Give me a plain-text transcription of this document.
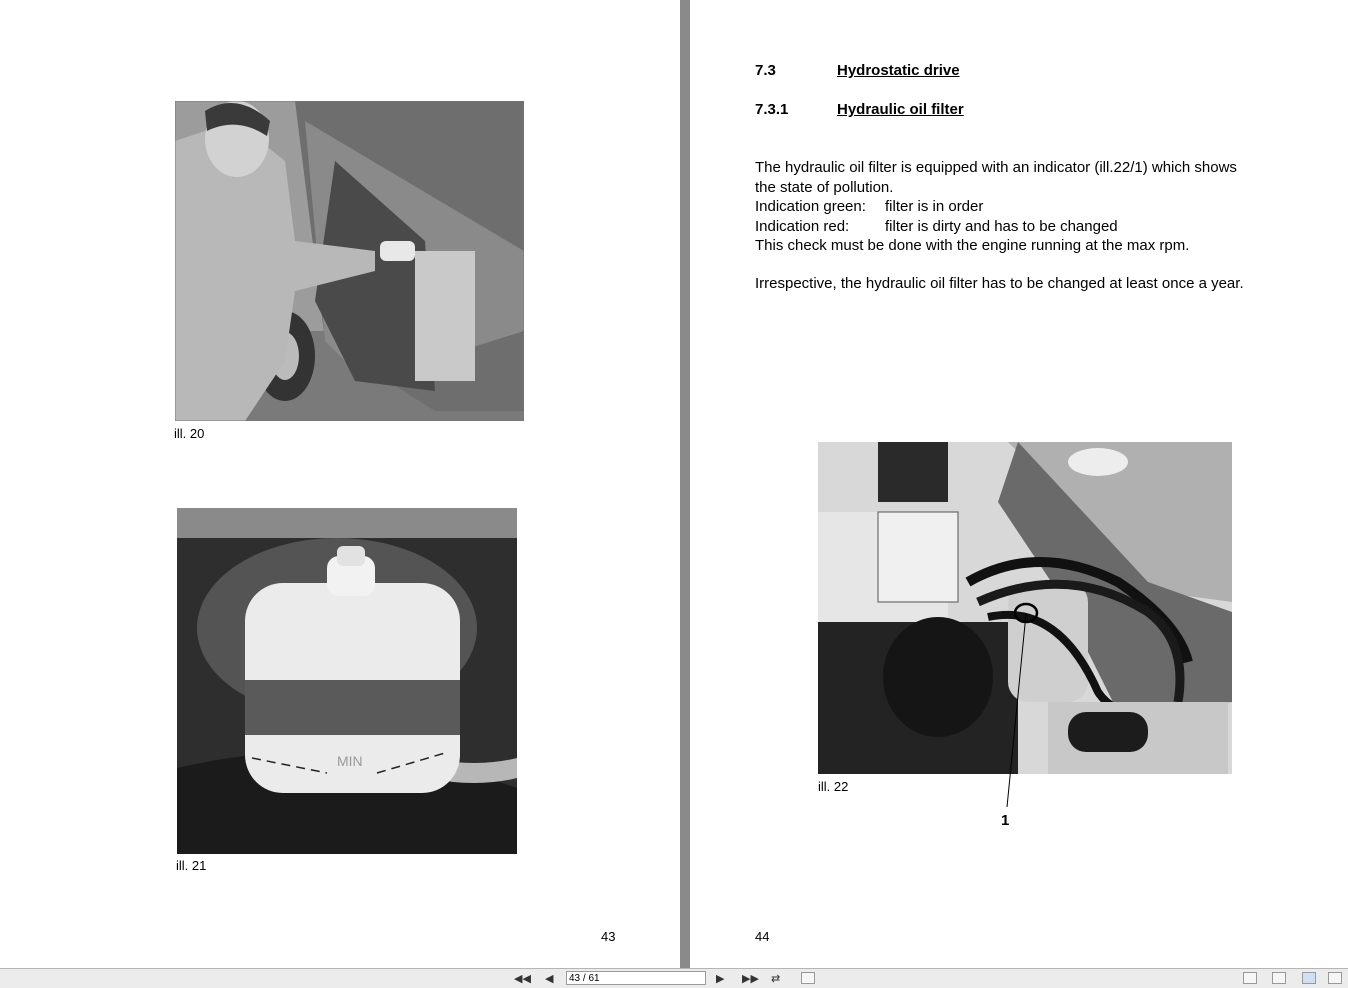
ill. 20
MIN
ill. 21
43
7.3	Hydrostatic drive
7.3.1	Hydraulic oil filter
The hydraulic oil filter is equipped with an indicator (ill.22/1) which shows
the state of pollution.
Indication green: filter is in order
Indication red: filter is dirty and has to be changed
This check must be done with the engine running at the max rpm.
Irrespective, the hydraulic oil filter has to be changed at least once a year.
ill. 22
1
44
◀◀ ◀
43 / 61	▶ ▶▶ ⇄
